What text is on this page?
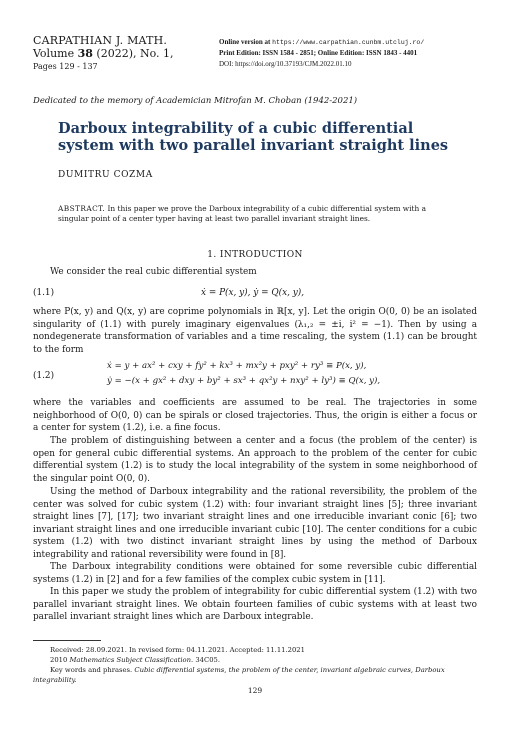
CARPATHIAN J. MATH.
Volume 38 (2022), No. 1,
Pages 129 - 137
Online version at https://www.carpathian.cunbm.utcluj.ro/
Print Edition: ISSN 1584 - 2851; Online Edition: ISSN 1843 - 4401
DOI: https://doi.org/10.37193/CJM.2022.01.10
Dedicated to the memory of Academician Mitrofan M. Choban (1942-2021)
Darboux integrability of a cubic differential system with two parallel invariant straight lines
DUMITRU COZMA
ABSTRACT. In this paper we prove the Darboux integrability of a cubic differential system with a singular point of a center typer having at least two parallel invariant straight lines.
1. INTRODUCTION
We consider the real cubic differential system
(1.1)	ẋ = P(x, y), ẏ = Q(x, y),
where P(x, y) and Q(x, y) are coprime polynomials in ℝ[x, y]. Let the origin O(0, 0) be an isolated singularity of (1.1) with purely imaginary eigenvalues (λ₁,₂ = ±i, i² = −1). Then by using a nondegenerate transformation of variables and a time rescaling, the system (1.1) can be brought to the form
(1.2)
ẋ = y + ax² + cxy + fy² + kx³ + mx²y + pxy² + ry³ ≡ P(x, y),
ẏ = −(x + gx² + dxy + by² + sx³ + qx²y + nxy² + ly³) ≡ Q(x, y),
where the variables and coefficients are assumed to be real. The trajectories in some neighborhood of O(0, 0) can be spirals or closed trajectories. Thus, the origin is either a focus or a center for system (1.2), i.e. a fine focus.
The problem of distinguishing between a center and a focus (the problem of the center) is open for general cubic differential systems. An approach to the problem of the center for cubic differential system (1.2) is to study the local integrability of the system in some neighborhood of the singular point O(0, 0).
Using the method of Darboux integrability and the rational reversibility, the problem of the center was solved for cubic system (1.2) with: four invariant straight lines [5]; three invariant straight lines [7], [17]; two invariant straight lines and one irreducible invariant conic [6]; two invariant straight lines and one irreducible invariant cubic [10]. The center conditions for a cubic system (1.2) with two distinct invariant straight lines by using the method of Darboux integrability and rational reversibility were found in [8].
The Darboux integrability conditions were obtained for some reversible cubic differential systems (1.2) in [2] and for a few families of the complex cubic system in [11].
In this paper we study the problem of integrability for cubic differential system (1.2) with two parallel invariant straight lines. We obtain fourteen families of cubic systems with at least two parallel invariant straight lines which are Darboux integrable.
Received: 28.09.2021. In revised form: 04.11.2021. Accepted: 11.11.2021
2010 Mathematics Subject Classification. 34C05.
Key words and phrases. Cubic differential systems, the problem of the center, invariant algebraic curves, Darboux integrability.
129
